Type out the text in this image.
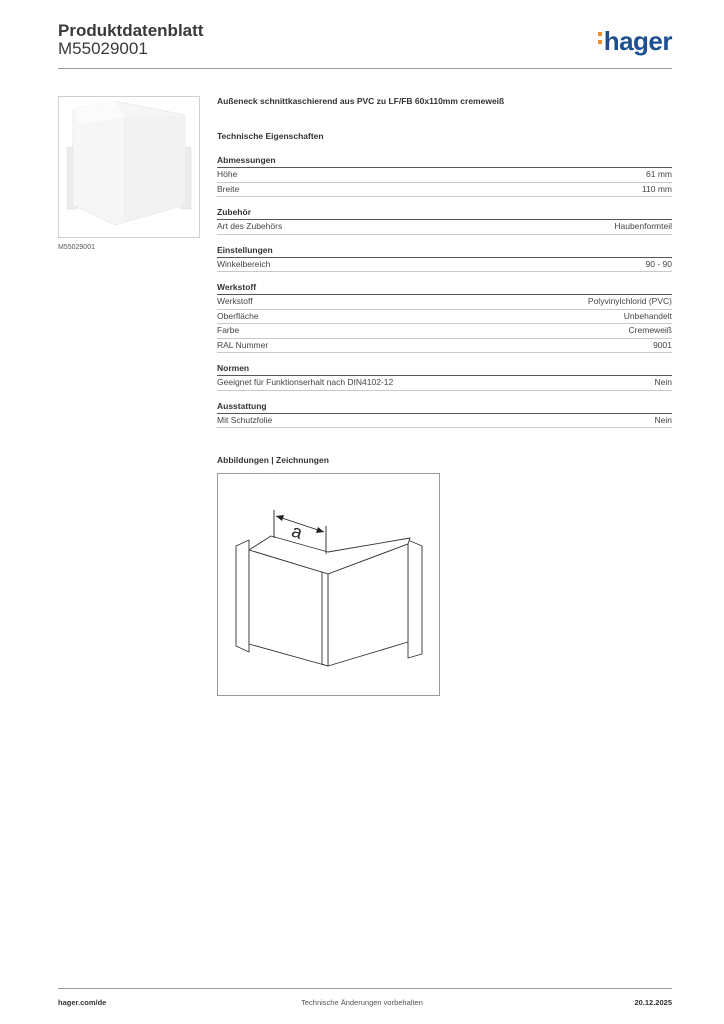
Produktdatenblatt
M55029001	hager
M55029001
Außeneck schnittkaschierend aus PVC zu LF/FB 60x110mm cremeweiß
Technische Eigenschaften
Abmessungen
Höhe	61 mm
Breite	110 mm
Zubehör
Art des Zubehörs	Haubenformteil
Einstellungen
Winkelbereich	90 - 90
Werkstoff
Werkstoff	Polyvinylchlorid (PVC)
Oberfläche	Unbehandelt
Farbe	Cremeweiß
RAL Nummer	9001
Normen
Geeignet für Funktionserhalt nach DIN4102-12	Nein
Ausstattung
Mit Schutzfolie	Nein
Abbildungen | Zeichnungen
a
hager.com/de	Technische Änderungen vorbehalten	20.12.2025
